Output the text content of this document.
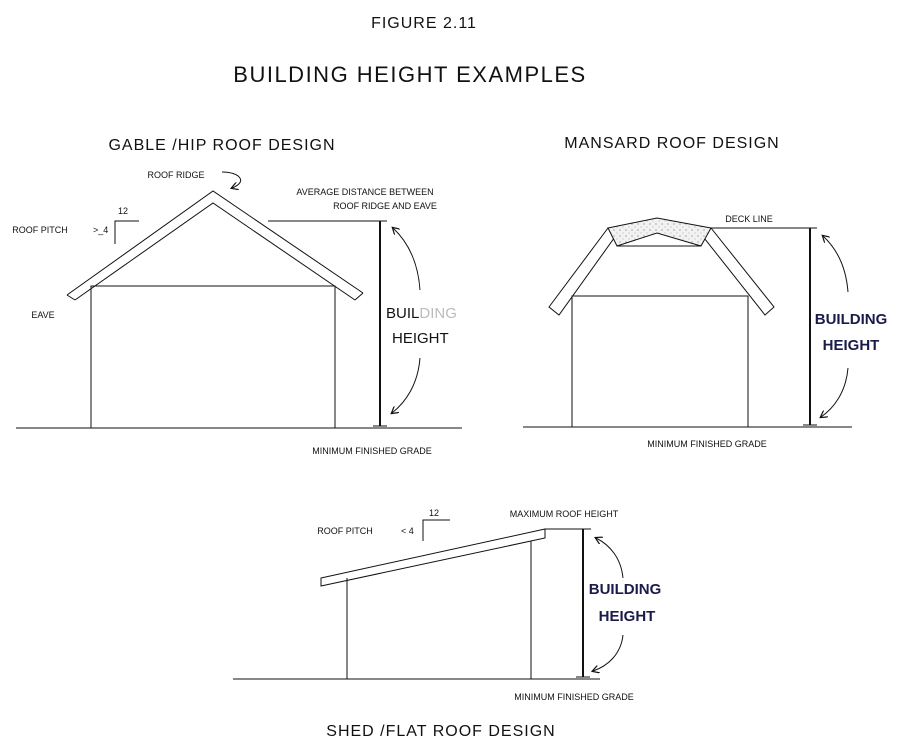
FIGURE 2.11
BUILDING HEIGHT EXAMPLES
GABLE /HIP ROOF DESIGN
ROOF RIDGE
AVERAGE DISTANCE BETWEEN
ROOF RIDGE AND EAVE
ROOF PITCH	>_4
12
EAVE	BUILDING
HEIGHT
MINIMUM FINISHED GRADE
MANSARD ROOF DESIGN
DECK LINE
BUILDING
HEIGHT
MINIMUM FINISHED GRADE
ROOF PITCH	< 4
12	MAXIMUM ROOF HEIGHT
BUILDING
HEIGHT
MINIMUM FINISHED GRADE
SHED /FLAT ROOF DESIGN
